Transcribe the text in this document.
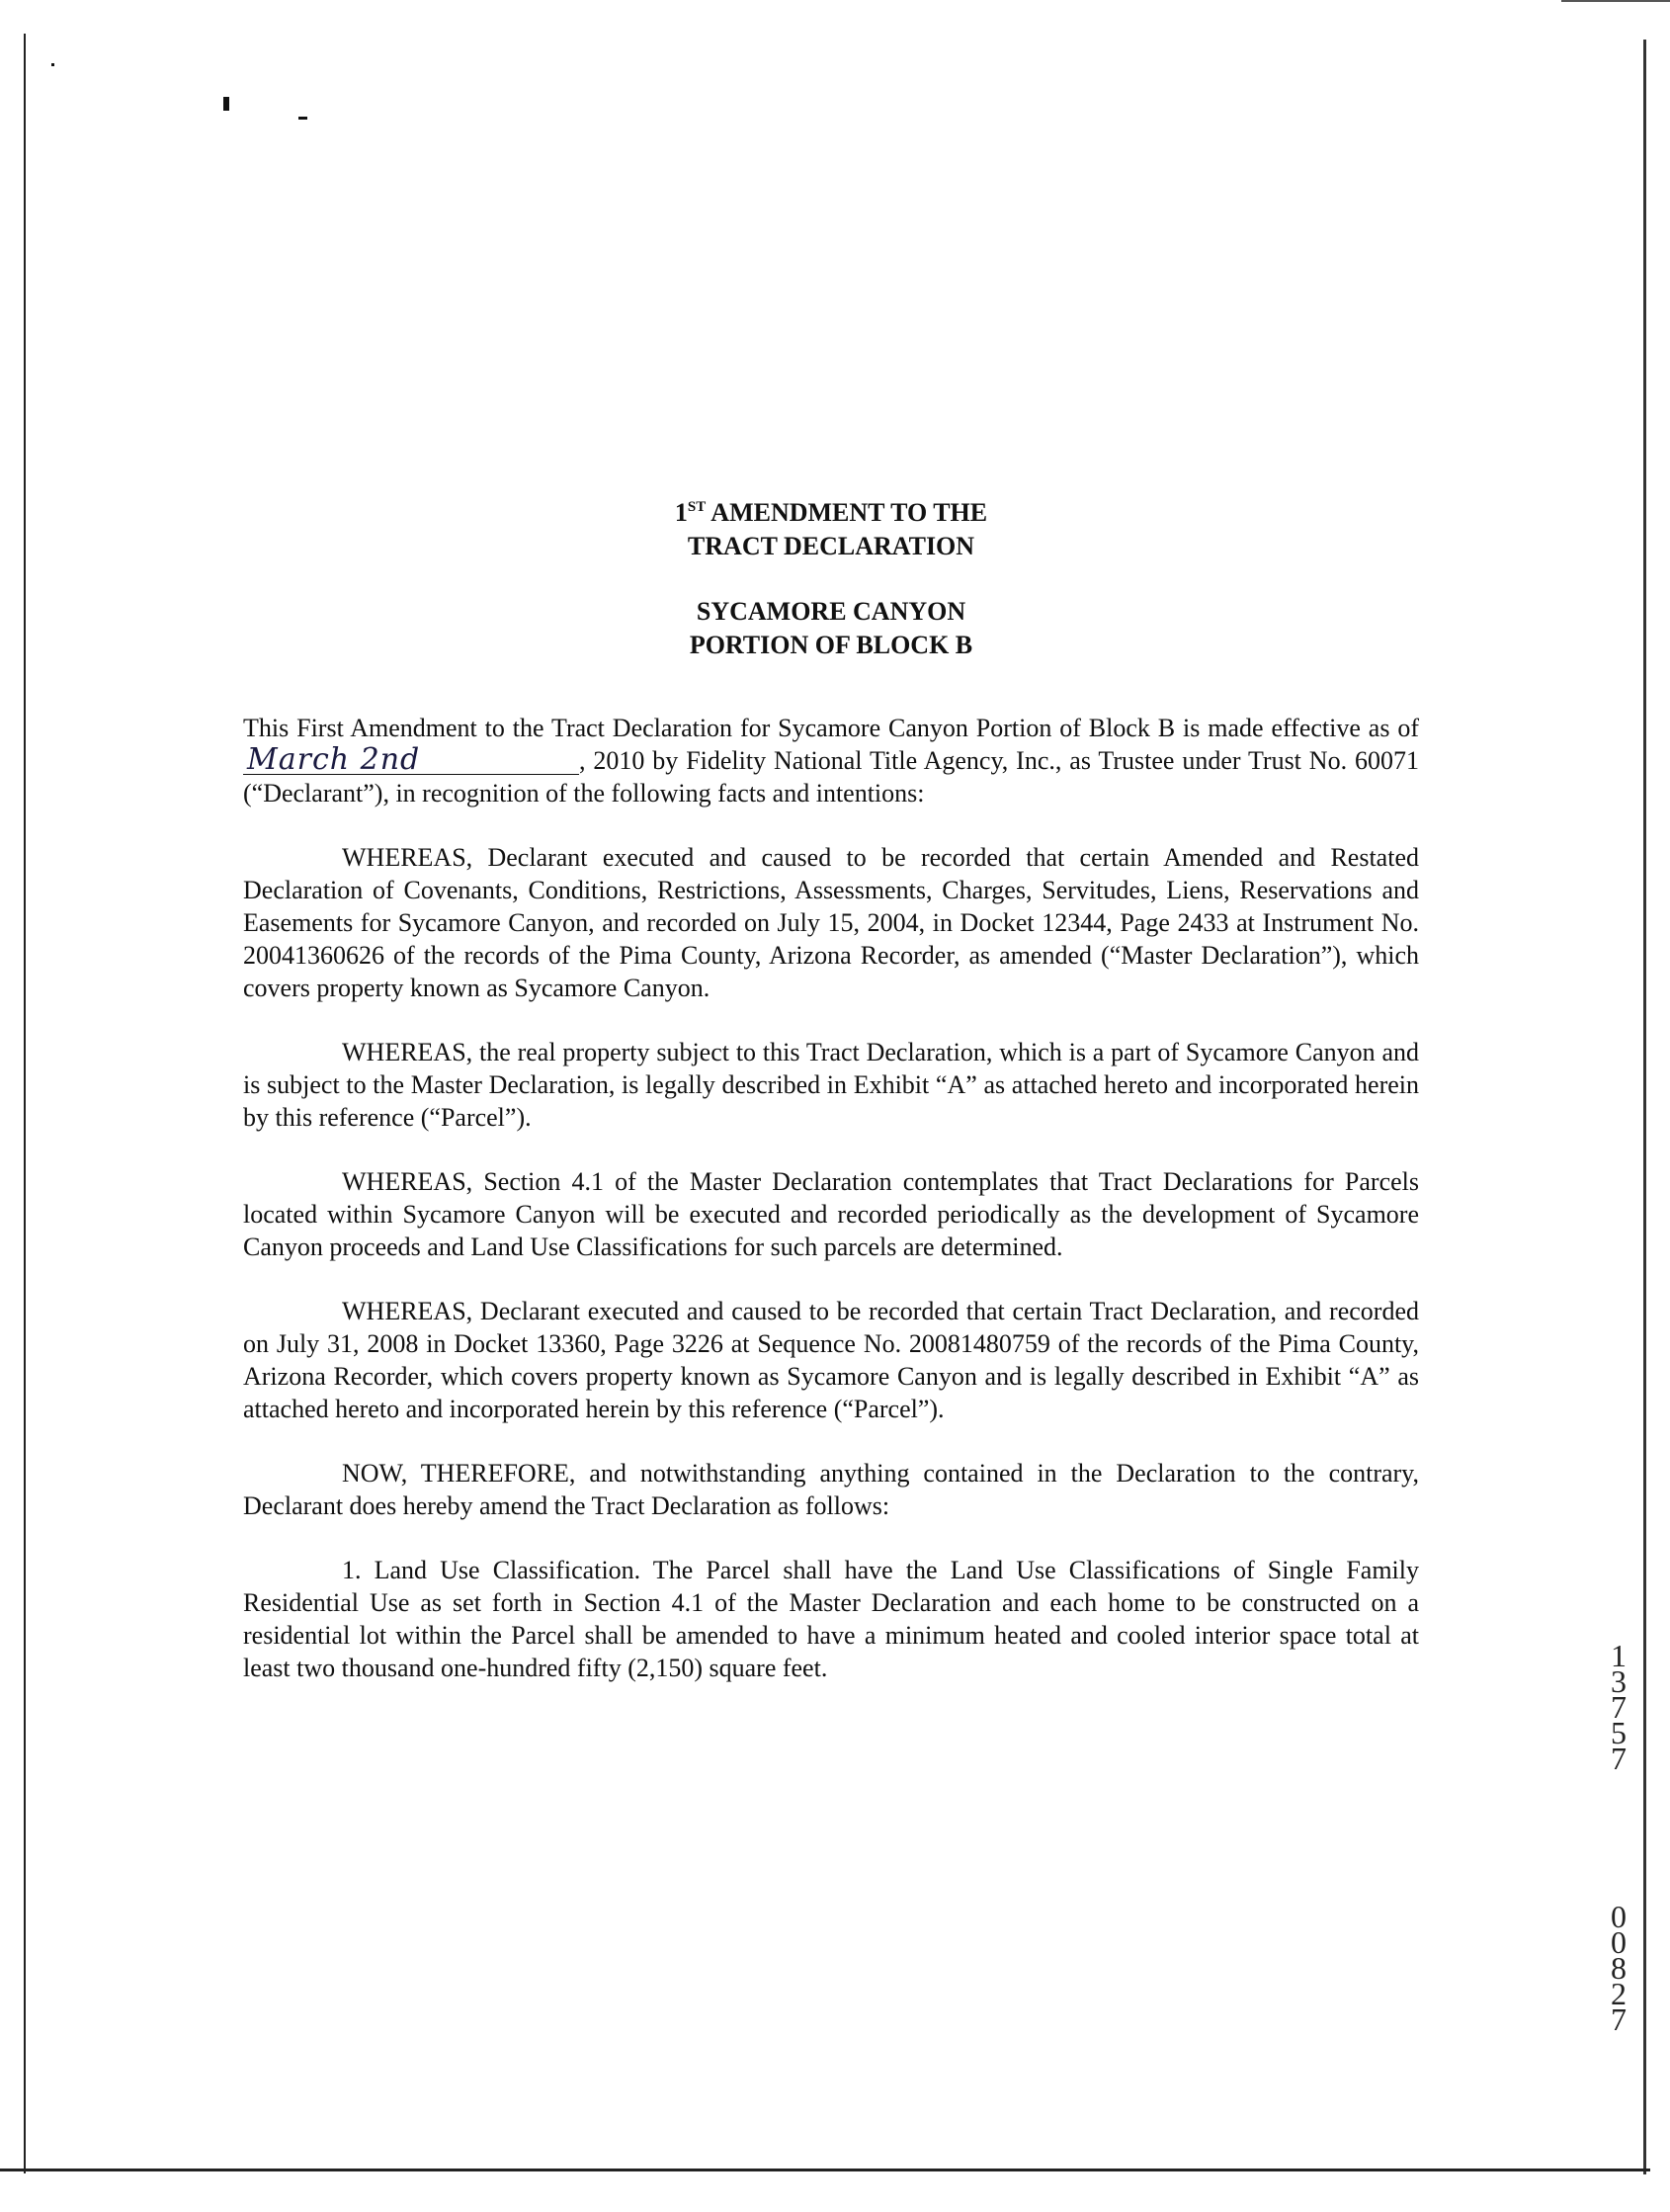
1ST AMENDMENT TO THE
TRACT DECLARATION
SYCAMORE CANYON
PORTION OF BLOCK B

This First Amendment to the Tract Declaration for Sycamore Canyon Portion of Block B is made effective as of March 2nd	, 2010 by Fidelity National Title Agency, Inc., as Trustee under Trust No. 60071 (“Declarant”), in recognition of the following facts and intentions:

WHEREAS, Declarant executed and caused to be recorded that certain Amended and Restated Declaration of Covenants, Conditions, Restrictions, Assessments, Charges, Servitudes, Liens, Reservations and Easements for Sycamore Canyon, and recorded on July 15, 2004, in Docket 12344, Page 2433 at Instrument No. 20041360626 of the records of the Pima County, Arizona Recorder, as amended (“Master Declaration”), which covers property known as Sycamore Canyon.

WHEREAS, the real property subject to this Tract Declaration, which is a part of Sycamore Canyon and is subject to the Master Declaration, is legally described in Exhibit “A” as attached hereto and incorporated herein by this reference (“Parcel”).

WHEREAS, Section 4.1 of the Master Declaration contemplates that Tract Declarations for Parcels located within Sycamore Canyon will be executed and recorded periodically as the development of Sycamore Canyon proceeds and Land Use Classifications for such parcels are determined.

WHEREAS, Declarant executed and caused to be recorded that certain Tract Declaration, and recorded on July 31, 2008 in Docket 13360, Page 3226 at Sequence No. 20081480759 of the records of the Pima County, Arizona Recorder, which covers property known as Sycamore Canyon and is legally described in Exhibit “A” as attached hereto and incorporated herein by this reference (“Parcel”).

NOW, THEREFORE, and notwithstanding anything contained in the Declaration to the contrary, Declarant does hereby amend the Tract Declaration as follows:

1. Land Use Classification. The Parcel shall have the Land Use Classifications of Single Family Residential Use as set forth in Section 4.1 of the Master Declaration and each home to be constructed on a residential lot within the Parcel shall be amended to have a minimum heated and cooled interior space total at least two thousand one-hundred fifty (2,150) square feet.

	1
3
7
5
7

0
0
8
2
7
